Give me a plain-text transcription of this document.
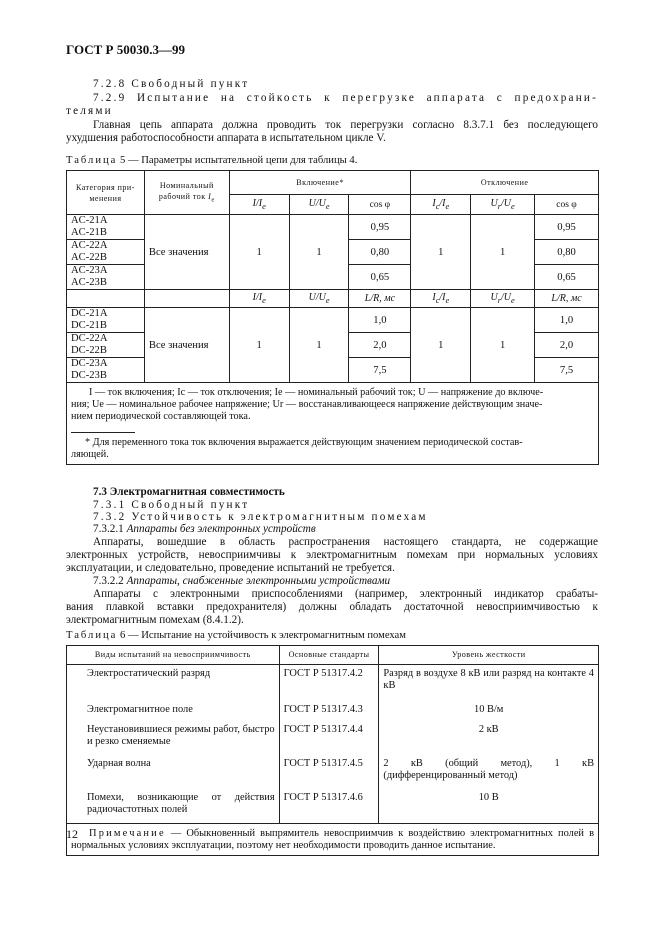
ГОСТ Р 50030.3—99
7.2.8 Свободный пункт
7.2.9 Испытание на стойкость к перегрузке аппарата с предохрани-
телями
Главная цепь аппарата должна проводить ток перегрузки согласно 8.3.7.1 без последующего
ухудшения работоспособности аппарата в испытательном цикле V.
Таблица 5 — Параметры испытательной цепи для таблицы 4.
Категория при-
менения	Номинальный
рабочий ток $I_e$	Включение*			Отключение		
		$I/I_e$	$U/U_e$	cos φ	$I_c/I_e$	$U_r/U_e$	cos φ
AC-21A
AC-21B	Все значения	1	1	0,95	1	1	0,95
AC-22A
AC-22B				0,80			0,80
AC-23A
AC-23B				0,65			0,65
		$I/I_e$	$U/U_e$	L/R, мс	$I_c/I_e$	$U_r/U_e$	L/R, мс
DC-21A
DC-21B	Все значения	1	1	1,0	1	1	1,0
DC-22A
DC-22B				2,0			2,0
DC-23A
DC-23B				7,5			7,5

I — ток включения; Iс — ток отключения; Iе — номинальный рабочий ток; U — напряжение до включе-
ния; Uе — номинальное рабочее напряжение; Ur — восстанавливающееся напряжение действующим значе-
нием периодической составляющей тока.
* Для переменного тока ток включения выражается действующим значением периодической состав-
ляющей.							
7.3 Электромагнитная совместимость
7.3.1 Свободный пункт
7.3.2 Устойчивость к электромагнитным помехам
7.3.2.1 Аппараты без электронных устройств
Аппараты, вошедшие в область распространения настоящего стандарта, не содержащие
электронных устройств, невосприимчивы к электромагнитным помехам при нормальных условиях
эксплуатации, и следовательно, проведение испытаний не требуется.
7.3.2.2 Аппараты, снабженные электронными устройствами
Аппараты с электронными приспособлениями (например, электронный индикатор срабаты-
вания плавкой вставки предохранителя) должны обладать достаточной невосприимчивостью к
электромагнитным помехам (8.4.1.2).
Таблица 6 — Испытание на устойчивость к электромагнитным помехам
Виды испытаний на невосприимчивость	Основные стандарты	Уровень жесткости
Электростатический разряд	ГОСТ Р 51317.4.2	Разряд в воздухе 8 кВ или разряд на контакте 4 кВ
Электромагнитное поле	ГОСТ Р 51317.4.3	10 В/м
Неустановившиеся режимы работ, быстро и резко сменяемые	ГОСТ Р 51317.4.4	2 кВ
Ударная волна	ГОСТ Р 51317.4.5	2 кВ (общий метод), 1 кВ (дифференцированный метод)
Помехи, возникающие от действия радиочастотных полей	ГОСТ Р 51317.4.6	10 В
Примечание — Обыкновенный выпрямитель невосприимчив к воздействию электромагнитных полей в нормальных условиях эксплуатации, поэтому нет необходимости проводить данное испытание.		
12
